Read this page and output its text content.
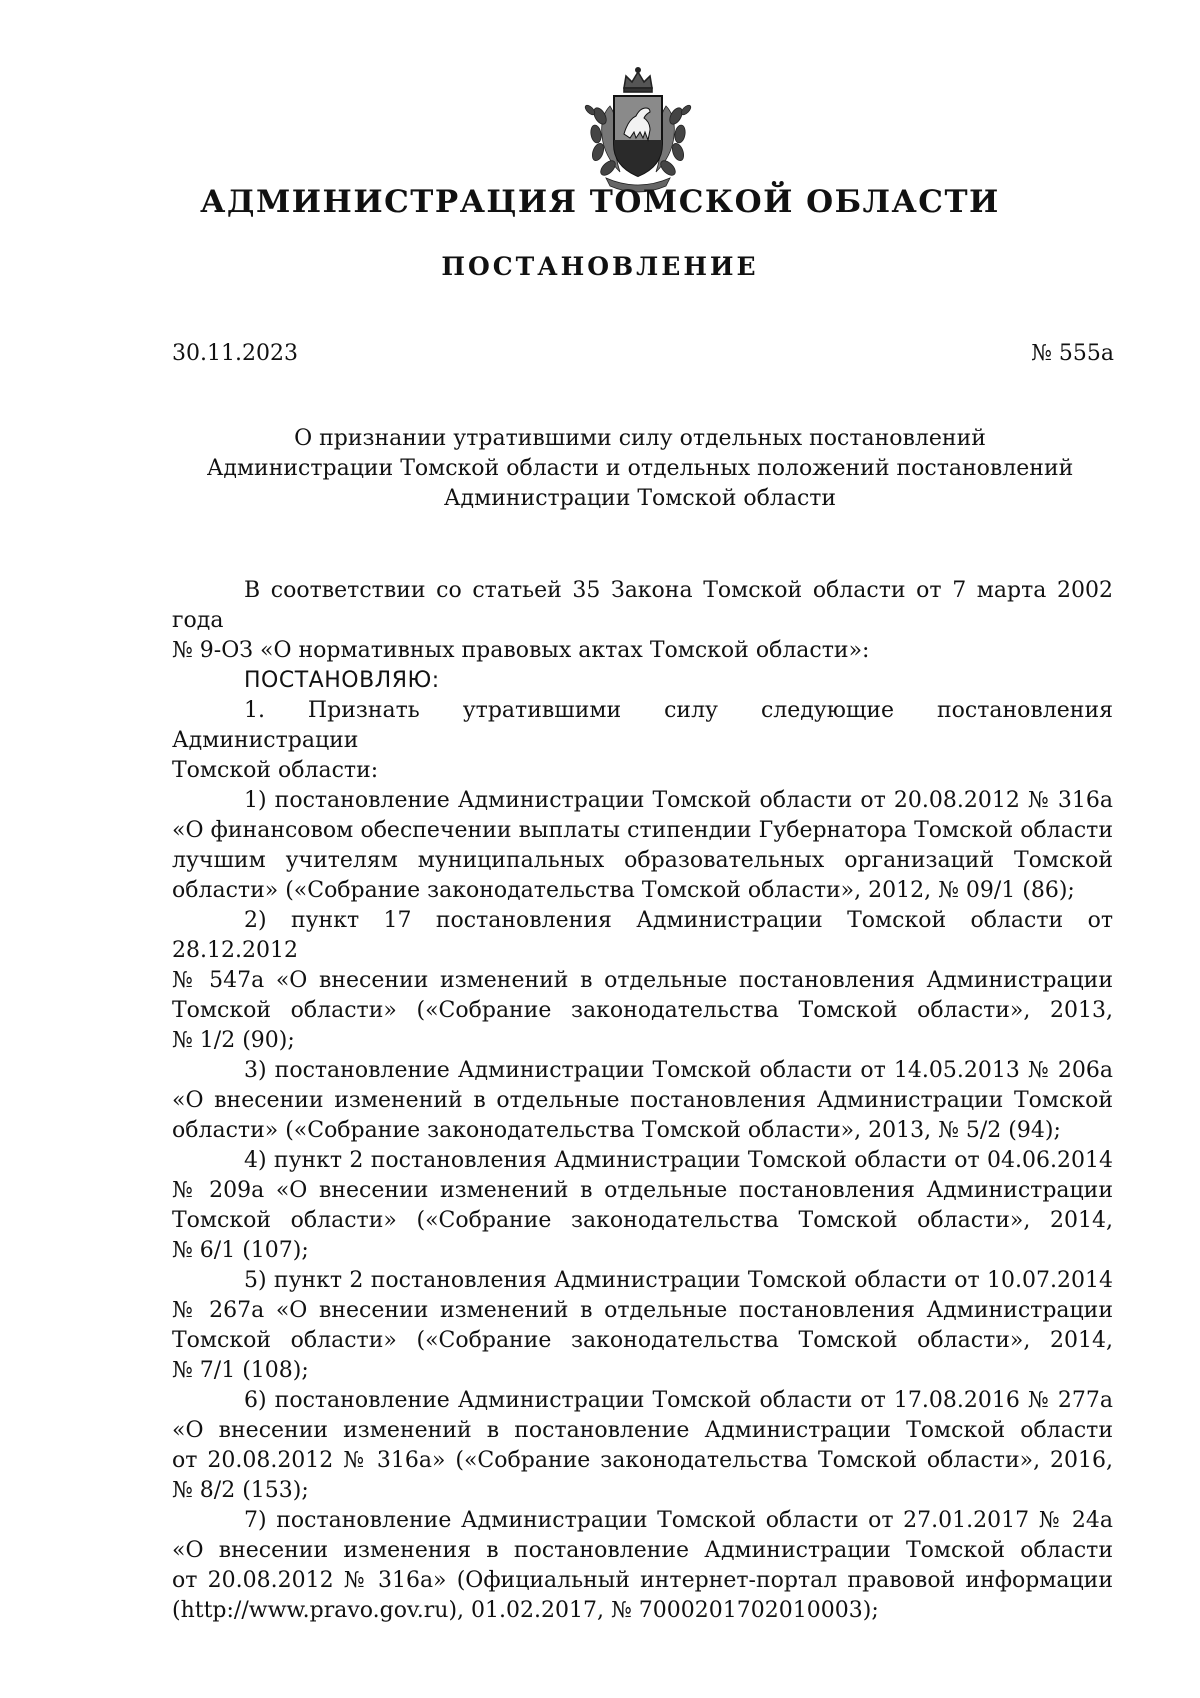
АДМИНИСТРАЦИЯ ТОМСКОЙ ОБЛАСТИ
ПОСТАНОВЛЕНИЕ
30.11.2023	№ 555а
О признании утратившими силу отдельных постановлений
Администрации Томской области и отдельных положений постановлений
Администрации Томской области
В соответствии со статьей 35 Закона Томской области от 7 марта 2002 года
№ 9-ОЗ «О нормативных правовых актах Томской области»:

ПОСТАНОВЛЯЮ:

1. Признать утратившими силу следующие постановления Администрации
Томской области:
1) постановление Администрации Томской области от 20.08.2012 № 316а
«О финансовом обеспечении выплаты стипендии Губернатора Томской области
лучшим учителям муниципальных образовательных организаций Томской
области» («Собрание законодательства Томской области», 2012, № 09/1 (86);
2) пункт 17 постановления Администрации Томской области от 28.12.2012
№ 547а «О внесении изменений в отдельные постановления Администрации
Томской области» («Собрание законодательства Томской области», 2013,
№ 1/2 (90);
3) постановление Администрации Томской области от 14.05.2013 № 206а
«О внесении изменений в отдельные постановления Администрации Томской
области» («Собрание законодательства Томской области», 2013, № 5/2 (94);
4) пункт 2 постановления Администрации Томской области от 04.06.2014
№ 209а «О внесении изменений в отдельные постановления Администрации
Томской области» («Собрание законодательства Томской области», 2014,
№ 6/1 (107);
5) пункт 2 постановления Администрации Томской области от 10.07.2014
№ 267а «О внесении изменений в отдельные постановления Администрации
Томской области» («Собрание законодательства Томской области», 2014,
№ 7/1 (108);
6) постановление Администрации Томской области от 17.08.2016 № 277а
«О внесении изменений в постановление Администрации Томской области
от 20.08.2012 № 316а» («Собрание законодательства Томской области», 2016,
№ 8/2 (153);
7) постановление Администрации Томской области от 27.01.2017 № 24а
«О внесении изменения в постановление Администрации Томской области
от 20.08.2012 № 316а» (Официальный интернет-портал правовой информации
(http://www.pravo.gov.ru), 01.02.2017, № 7000201702010003);
